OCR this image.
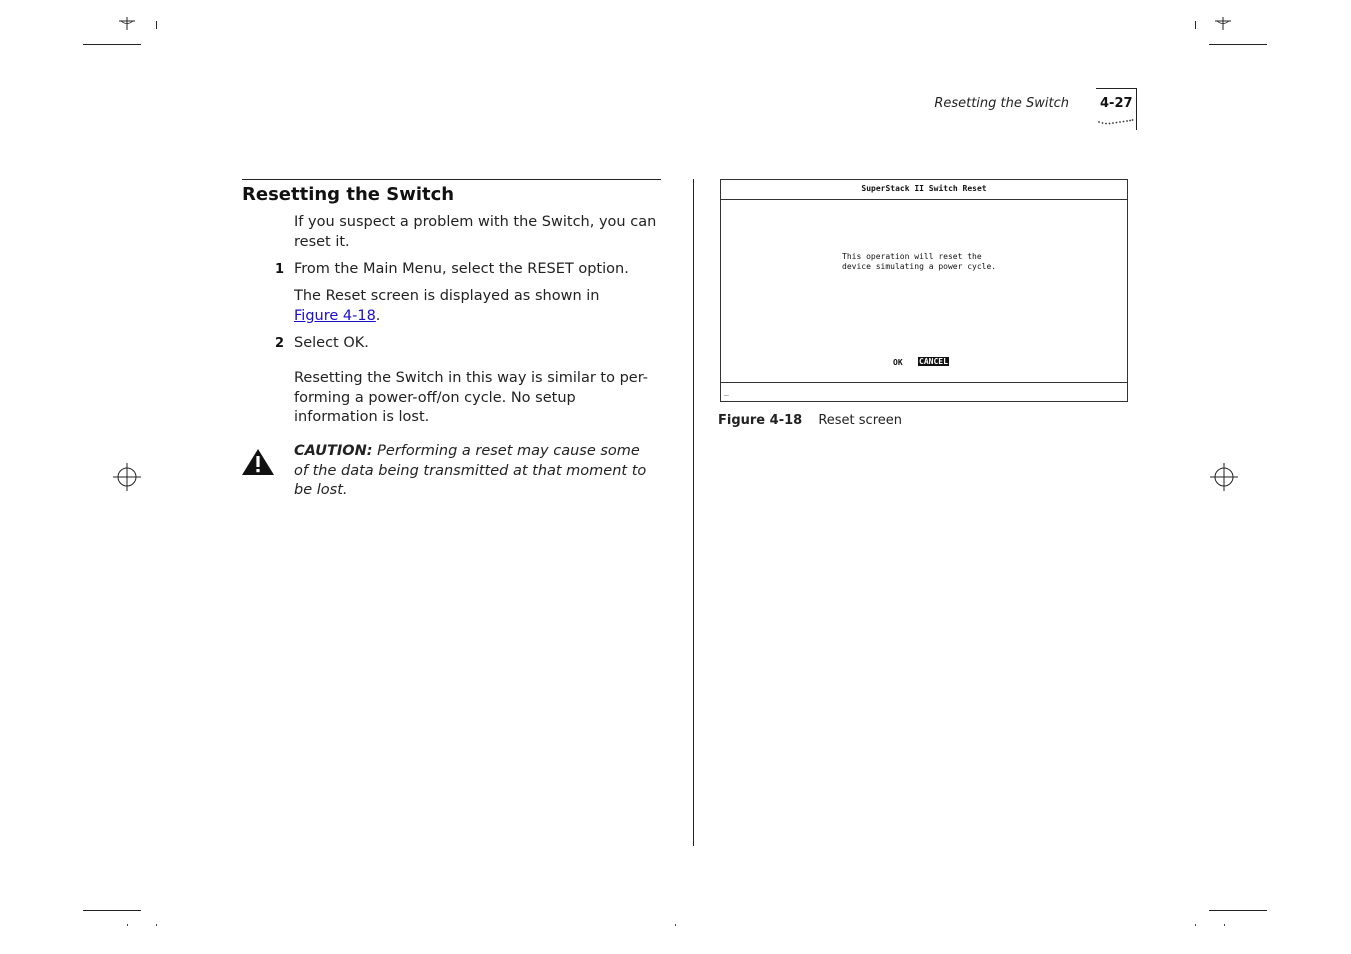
Resetting the Switch 4-27
Resetting the Switch
If you suspect a problem with the Switch, you can reset it.
1 From the Main Menu, select the RESET option.
The Reset screen is displayed as shown in
Figure 4-18.
2 Select OK.
Resetting the Switch in this way is similar to per-forming a power-off/on cycle. No setup information is lost.
CAUTION: Performing a reset may cause some of the data being transmitted at that moment to be lost.
SuperStack II Switch Reset
This operation will reset the
device simulating a power cycle.
OK CANCEL
_
Figure 4-18 Reset screen
